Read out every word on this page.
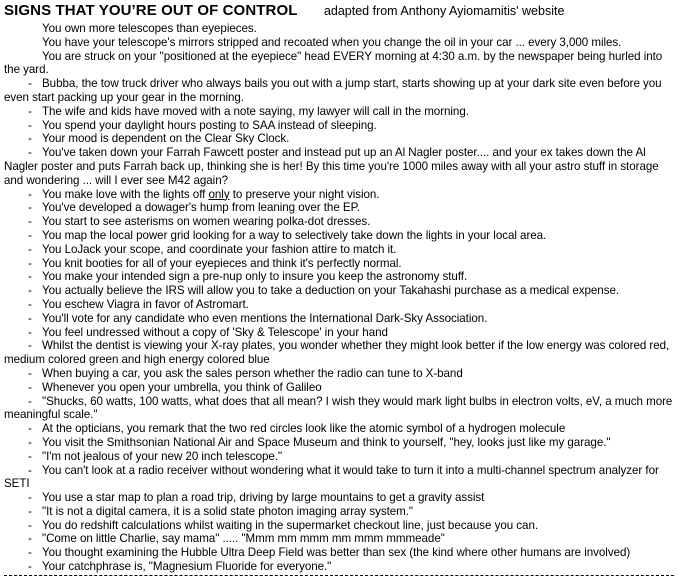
SIGNS THAT YOU’RE OUT OF CONTROL adapted from Anthony Ayiomamitis' website
You own more telescopes than eyepieces.
You have your telescope's mirrors stripped and recoated when you change the oil in your car ... every 3,000 miles.
You are struck on your "positioned at the eyepiece" head EVERY morning at 4:30 a.m. by the newspaper being hurled into the yard.
- Bubba, the tow truck driver who always bails you out with a jump start, starts showing up at your dark site even before you even start packing up your gear in the morning.
- The wife and kids have moved with a note saying, my lawyer will call in the morning.
- You spend your daylight hours posting to SAA instead of sleeping.
- Your mood is dependent on the Clear Sky Clock.
- You've taken down your Farrah Fawcett poster and instead put up an Al Nagler poster.... and your ex takes down the Al Nagler poster and puts Farrah back up, thinking she is her! By this time you're 1000 miles away with all your astro stuff in storage and wondering ... will I ever see M42 again?
- You make love with the lights off only to preserve your night vision.
- You've developed a dowager's hump from leaning over the EP.
- You start to see asterisms on women wearing polka-dot dresses.
- You map the local power grid looking for a way to selectively take down the lights in your local area.
- You LoJack your scope, and coordinate your fashion attire to match it.
- You knit booties for all of your eyepieces and think it's perfectly normal.
- You make your intended sign a pre-nup only to insure you keep the astronomy stuff.
- You actually believe the IRS will allow you to take a deduction on your Takahashi purchase as a medical expense.
- You eschew Viagra in favor of Astromart.
- You'll vote for any candidate who even mentions the International Dark-Sky Association.
- You feel undressed without a copy of 'Sky & Telescope' in your hand
- Whilst the dentist is viewing your X-ray plates, you wonder whether they might look better if the low energy was colored red, medium colored green and high energy colored blue
- When buying a car, you ask the sales person whether the radio can tune to X-band
- Whenever you open your umbrella, you think of Galileo
- "Shucks, 60 watts, 100 watts, what does that all mean? I wish they would mark light bulbs in electron volts, eV, a much more meaningful scale."
- At the opticians, you remark that the two red circles look like the atomic symbol of a hydrogen molecule
- You visit the Smithsonian National Air and Space Museum and think to yourself, "hey, looks just like my garage."
- "I'm not jealous of your new 20 inch telescope."
- You can't look at a radio receiver without wondering what it would take to turn it into a multi-channel spectrum analyzer for SETI
- You use a star map to plan a road trip, driving by large mountains to get a gravity assist
- "It is not a digital camera, it is a solid state photon imaging array system."
- You do redshift calculations whilst waiting in the supermarket checkout line, just because you can.
- "Come on little Charlie, say mama" ..... "Mmm mm mmm mm mmm mmmeade"
- You thought examining the Hubble Ultra Deep Field was better than sex (the kind where other humans are involved)
- Your catchphrase is, "Magnesium Fluoride for everyone."
